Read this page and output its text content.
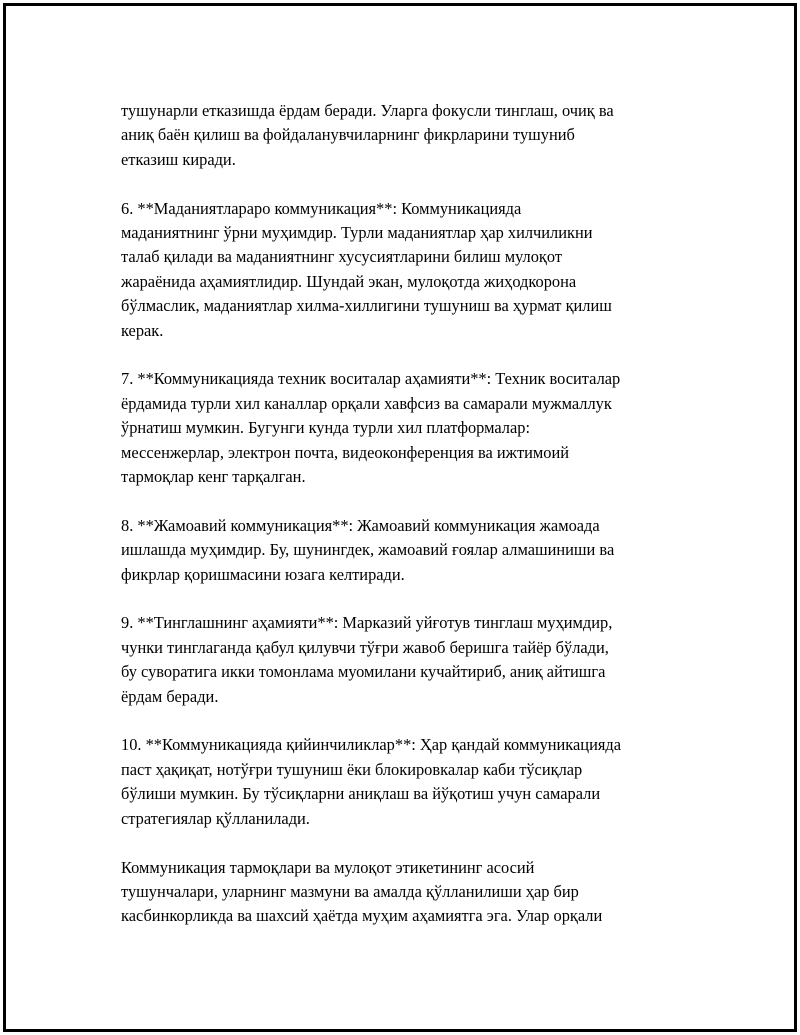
тушунарли етказишда ёрдам беради. Уларга фокусли тинглаш, очиқ ва
аниқ баён қилиш ва фойдаланувчиларнинг фикрларини тушуниб
етказиш киради.

6. **Маданиятлараро коммуникация**: Коммуникацияда
маданиятнинг ўрни муҳимдир. Турли маданиятлар ҳар хилчиликни
талаб қилади ва маданиятнинг хусусиятларини билиш мулоқот
жараёнида аҳамиятлидир. Шундай экан, мулоқотда жиҳодкорона
бўлмаслик, маданиятлар хилма-хиллигини тушуниш ва ҳурмат қилиш
керак.

7. **Коммуникацияда техник воситалар аҳамияти**: Техник воситалар
ёрдамида турли хил каналлар орқали хавфсиз ва самарали мужмаллук
ўрнатиш мумкин. Бугунги кунда турли хил платформалар:
мессенжерлар, электрон почта, видеоконференция ва ижтимоий
тармоқлар кенг тарқалган.

8. **Жамоавий коммуникация**: Жамоавий коммуникация жамоада
ишлашда муҳимдир. Бу, шунингдек, жамоавий ғоялар алмашиниши ва
фикрлар қоришмасини юзага келтиради.

9. **Тинглашнинг аҳамияти**: Марказий уйғотув тинглаш муҳимдир,
чунки тинглаганда қабул қилувчи тўғри жавоб беришга тайёр бўлади,
бу суворатига икки томонлама муомилани кучайтириб, аниқ айтишга
ёрдам беради.

10. **Коммуникацияда қийинчиликлар**: Ҳар қандай коммуникацияда
паст ҳақиқат, нотўғри тушуниш ёки блокировкалар каби тўсиқлар
бўлиши мумкин. Бу тўсиқларни аниқлаш ва йўқотиш учун самарали
стратегиялар қўлланилади.

Коммуникация тармоқлари ва мулоқот этикетининг асосий
тушунчалари, уларнинг мазмуни ва амалда қўлланилиши ҳар бир
касбинкорликда ва шахсий ҳаётда муҳим аҳамиятга эга. Улар орқали
